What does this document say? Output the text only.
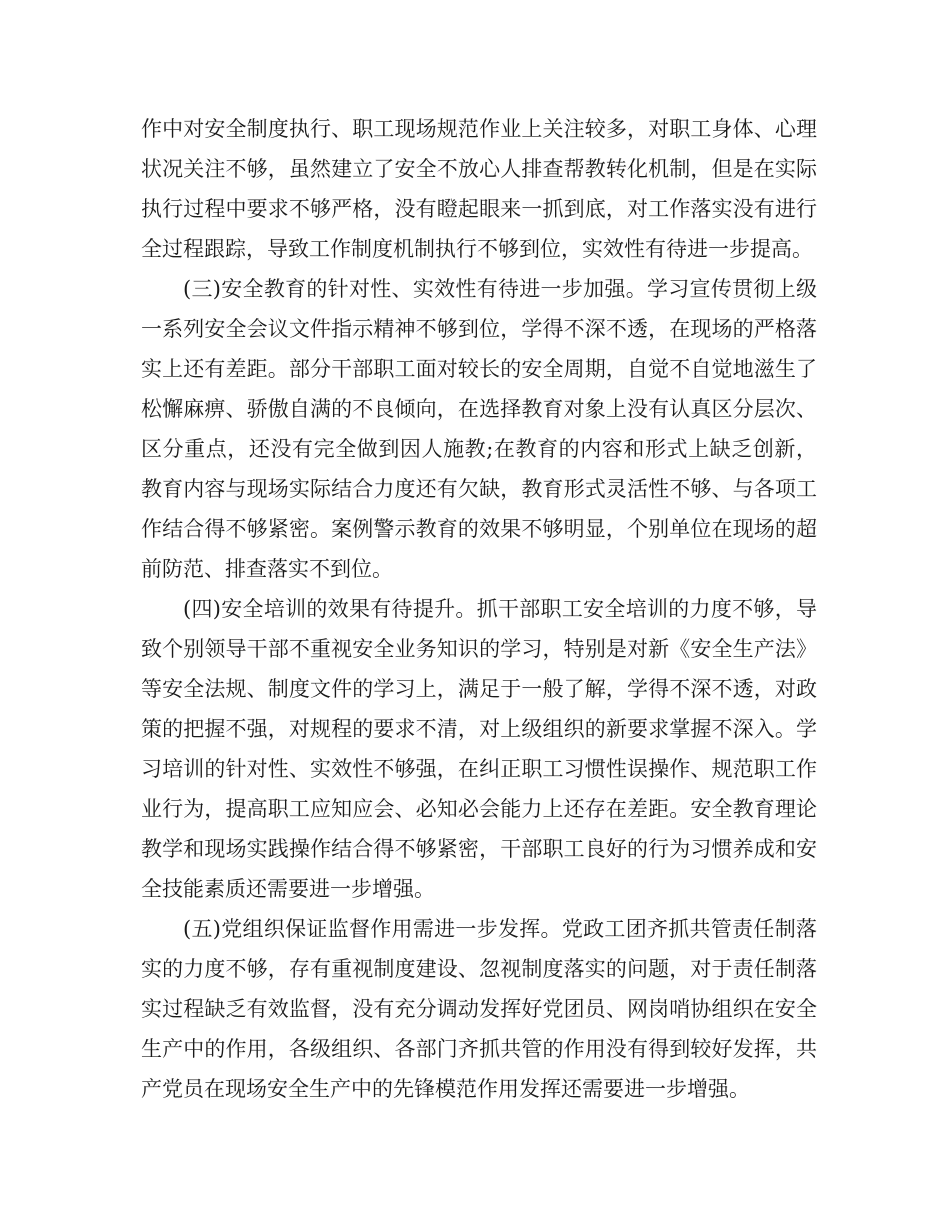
作中对安全制度执行、职工现场规范作业上关注较多，对职工身体、心理状况关注不够，虽然建立了安全不放心人排查帮教转化机制，但是在实际执行过程中要求不够严格，没有瞪起眼来一抓到底，对工作落实没有进行全过程跟踪，导致工作制度机制执行不够到位，实效性有待进一步提高。

(三)安全教育的针对性、实效性有待进一步加强。学习宣传贯彻上级一系列安全会议文件指示精神不够到位，学得不深不透，在现场的严格落实上还有差距。部分干部职工面对较长的安全周期，自觉不自觉地滋生了松懈麻痹、骄傲自满的不良倾向，在选择教育对象上没有认真区分层次、区分重点，还没有完全做到因人施教;在教育的内容和形式上缺乏创新，教育内容与现场实际结合力度还有欠缺，教育形式灵活性不够、与各项工作结合得不够紧密。案例警示教育的效果不够明显，个别单位在现场的超前防范、排查落实不到位。

(四)安全培训的效果有待提升。抓干部职工安全培训的力度不够，导致个别领导干部不重视安全业务知识的学习，特别是对新《安全生产法》等安全法规、制度文件的学习上，满足于一般了解，学得不深不透，对政策的把握不强，对规程的要求不清，对上级组织的新要求掌握不深入。学习培训的针对性、实效性不够强，在纠正职工习惯性误操作、规范职工作业行为，提高职工应知应会、必知必会能力上还存在差距。安全教育理论教学和现场实践操作结合得不够紧密，干部职工良好的行为习惯养成和安全技能素质还需要进一步增强。

(五)党组织保证监督作用需进一步发挥。党政工团齐抓共管责任制落实的力度不够，存有重视制度建设、忽视制度落实的问题，对于责任制落实过程缺乏有效监督，没有充分调动发挥好党团员、网岗哨协组织在安全生产中的作用，各级组织、各部门齐抓共管的作用没有得到较好发挥，共产党员在现场安全生产中的先锋模范作用发挥还需要进一步增强。
